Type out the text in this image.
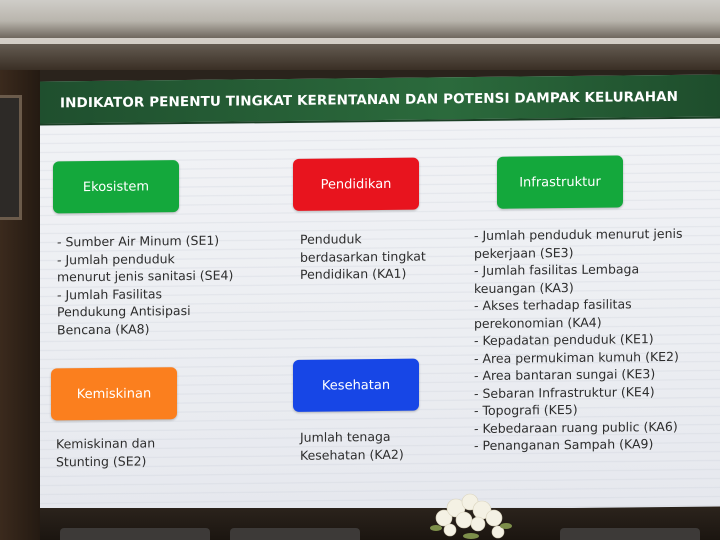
INDIKATOR PENENTU TINGKAT KERENTANAN DAN POTENSI DAMPAK KELURAHAN
Ekosistem
- Sumber Air Minum (SE1)
- Jumlah penduduk
menurut jenis sanitasi (SE4)
- Jumlah Fasilitas
Pendukung Antisipasi
Bencana (KA8)
Pendidikan
Penduduk
berdasarkan tingkat
Pendidikan (KA1)
Infrastruktur
- Jumlah penduduk menurut jenis
pekerjaan (SE3)
- Jumlah fasilitas Lembaga
keuangan (KA3)
- Akses terhadap fasilitas
perekonomian (KA4)
- Kepadatan penduduk (KE1)
- Area permukiman kumuh (KE2)
- Area bantaran sungai (KE3)
- Sebaran Infrastruktur (KE4)
- Topografi (KE5)
- Kebedaraan ruang public (KA6)
- Penanganan Sampah (KA9)
Kemiskinan
Kemiskinan dan
Stunting (SE2)
Kesehatan
Jumlah tenaga
Kesehatan (KA2)
